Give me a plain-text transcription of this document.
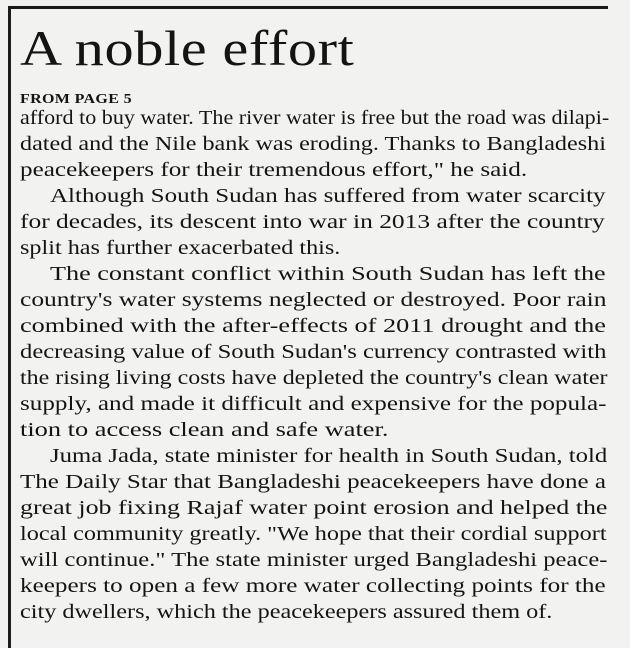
A noble effort
FROM PAGE 5
afford to buy water. The river water is free but the road was dilapi-
dated and the Nile bank was eroding. Thanks to Bangladeshi
peacekeepers for their tremendous effort," he said.
Although South Sudan has suffered from water scarcity
for decades, its descent into war in 2013 after the country
split has further exacerbated this.
The constant conflict within South Sudan has left the
country's water systems neglected or destroyed. Poor rain
combined with the after-effects of 2011 drought and the
decreasing value of South Sudan's currency contrasted with
the rising living costs have depleted the country's clean water
supply, and made it difficult and expensive for the popula-
tion to access clean and safe water.
Juma Jada, state minister for health in South Sudan, told
The Daily Star that Bangladeshi peacekeepers have done a
great job fixing Rajaf water point erosion and helped the
local community greatly. "We hope that their cordial support
will continue." The state minister urged Bangladeshi peace-
keepers to open a few more water collecting points for the
city dwellers, which the peacekeepers assured them of.
